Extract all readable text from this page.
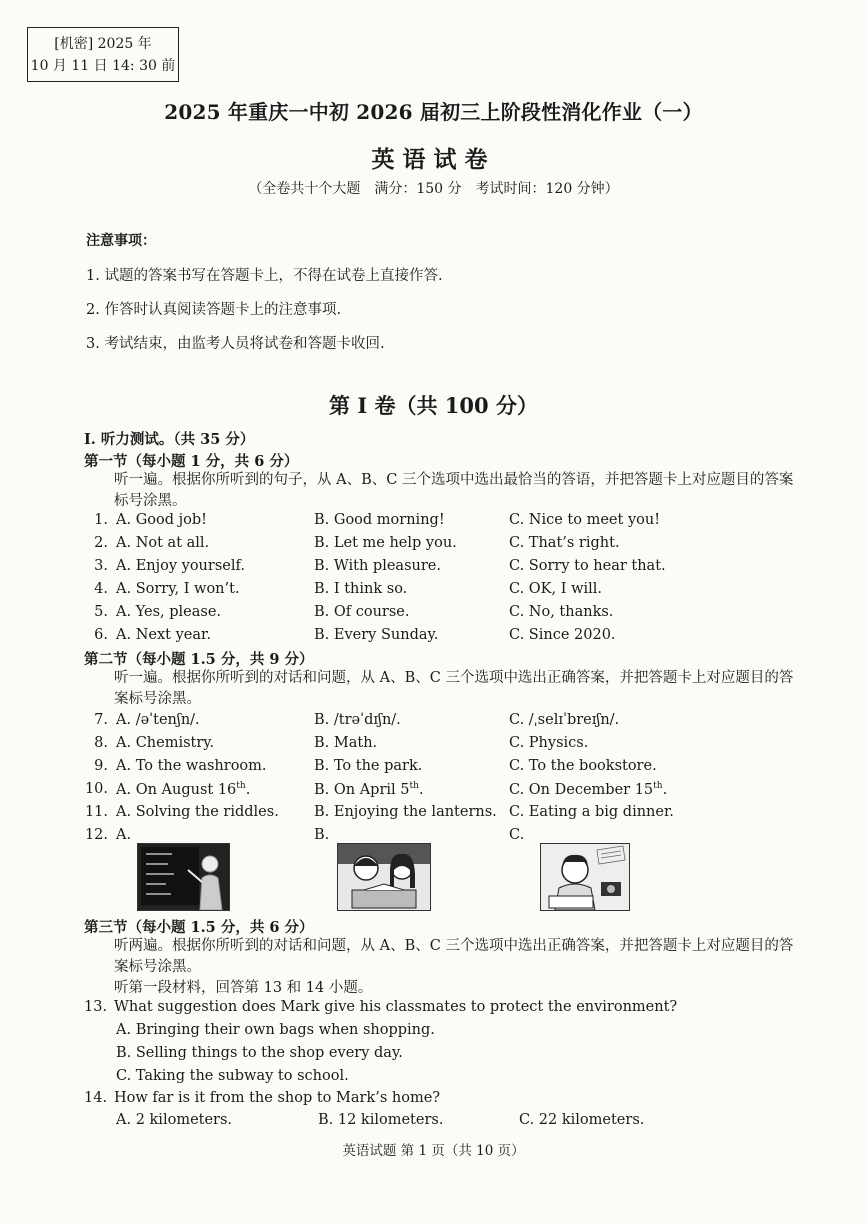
[机密] 2025 年
10 月 11 日 14: 30 前
2025 年重庆一中初 2026 届初三上阶段性消化作业（一）
英语试卷
（全卷共十个大题　满分：150 分　考试时间：120 分钟）
注意事项：
1. 试题的答案书写在答题卡上，不得在试卷上直接作答.
2. 作答时认真阅读答题卡上的注意事项.
3. 考试结束，由监考人员将试卷和答题卡收回.
第 I 卷（共 100 分）
I. 听力测试。（共 35 分）
第一节（每小题 1 分，共 6 分）
听一遍。根据你所听到的句子，从 A、B、C 三个选项中选出最恰当的答语，并把答题卡上对应题目的答案标号涂黑。
1. A. Good job!	B. Good morning!	C. Nice to meet you!
2. A. Not at all.	B. Let me help you.	C. That’s right.
3. A. Enjoy yourself.	B. With pleasure.	C. Sorry to hear that.
4. A. Sorry, I won’t.	B. I think so.	C. OK, I will.
5. A. Yes, please.	B. Of course.	C. No, thanks.
6. A. Next year.	B. Every Sunday.	C. Since 2020.
第二节（每小题 1.5 分，共 9 分）
听一遍。根据你所听到的对话和问题，从 A、B、C 三个选项中选出正确答案，并把答题卡上对应题目的答案标号涂黑。
7. A. /əˈtenʃn/.	B. /trəˈdɪʃn/.	C. /ˌselɪˈbreɪʃn/.
8. A. Chemistry.	B. Math.	C. Physics.
9. A. To the washroom.	B. To the park.	C. To the bookstore.
10. A. On August 16th.	B. On April 5th.	C. On December 15th.
11. A. Solving the riddles. B. Enjoying the lanterns. C. Eating a big dinner.
12. A.	B.	C.
第三节（每小题 1.5 分，共 6 分）
听两遍。根据你所听到的对话和问题，从 A、B、C 三个选项中选出正确答案，并把答题卡上对应题目的答案标号涂黑。
听第一段材料，回答第 13 和 14 小题。
13. What suggestion does Mark give his classmates to protect the environment?
A. Bringing their own bags when shopping.
B. Selling things to the shop every day.
C. Taking the subway to school.
14. How far is it from the shop to Mark’s home?
A. 2 kilometers.	B. 12 kilometers.	C. 22 kilometers.
英语试题 第 1 页（共 10 页）
